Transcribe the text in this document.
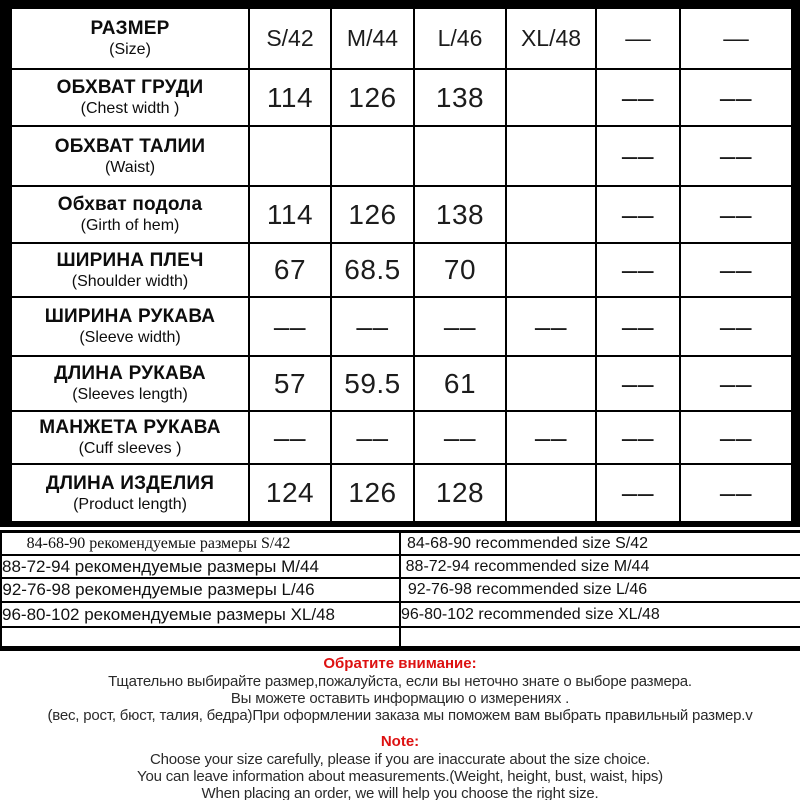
РАЗМЕР
(Size)	S/42	M/44	L/46	XL/48	––	––

ОБХВАТ ГРУДИ
(Chest width )	114	126	138		––	––

ОБХВАТ ТАЛИИ
(Waist)					––	––

Обхват подола
(Girth of hem)	114	126	138		––	––

ШИРИНА ПЛЕЧ
(Shoulder width)	67	68.5	70		––	––

ШИРИНА РУКАВА
(Sleeve width)	––	––	––	––	––	––

ДЛИНА РУКАВА
(Sleeves length)	57	59.5	61		––	––

МАНЖЕТА РУКАВА
(Cuff sleeves )	––	––	––	––	––	––

ДЛИНА ИЗДЕЛИЯ
(Product length)	124	126	128		––	––
84-68-90 рекомендуемые размеры S/42	84-68-90 recommended size S/42
88-72-94 рекомендуемые размеры M/44	88-72-94 recommended size M/44
92-76-98 рекомендуемые размеры L/46	92-76-98 recommended size L/46
96-80-102 рекомендуемые размеры XL/48	96-80-102 recommended size XL/48

Обратите внимание:
Тщательно выбирайте размер,пожалуйста, если вы неточно знате о выборе размера.
Вы можете оставить информацию о измерениях .
(вес, рост, бюст, талия, бедра)При оформлении заказа мы поможем вам выбрать правильный размер.v
Note:
Choose your size carefully, please if you are inaccurate about the size choice.
You can leave information about measurements.(Weight, height, bust, waist, hips)
When placing an order, we will help you choose the right size.
